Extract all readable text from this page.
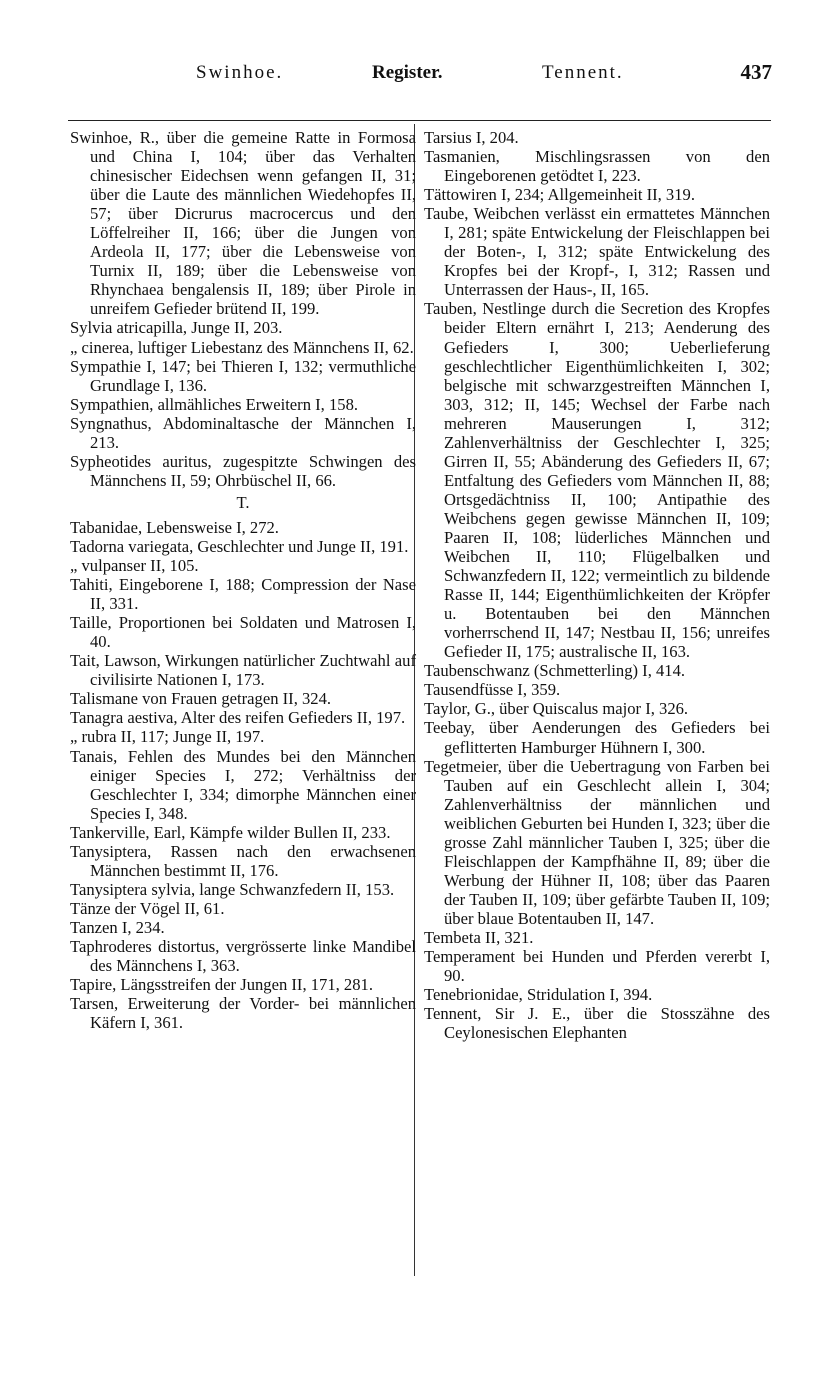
Swinhoe.	Register.	Tennent.	437

Swinhoe, R., über die gemeine Ratte in Formosa und China I, 104; über das Verhalten chinesischer Eidechsen wenn gefangen II, 31; über die Laute des männlichen Wiedehopfes II, 57; über Dicrurus macrocercus und den Löffelreiher II, 166; über die Jungen von Ardeola II, 177; über die Lebensweise von Turnix II, 189; über die Lebensweise von Rhynchaea bengalensis II, 189; über Pirole in unreifem Gefieder brütend II, 199.

Sylvia atricapilla, Junge II, 203.

„ cinerea, luftiger Liebestanz des Männchens II, 62.

Sympathie I, 147; bei Thieren I, 132; vermuthliche Grundlage I, 136.

Sympathien, allmähliches Erweitern I, 158.

Syngnathus, Abdominaltasche der Männchen I, 213.

Sypheotides auritus, zugespitzte Schwingen des Männchens II, 59; Ohrbüschel II, 66.

T.

Tabanidae, Lebensweise I, 272.

Tadorna variegata, Geschlechter und Junge II, 191.

„ vulpanser II, 105.

Tahiti, Eingeborene I, 188; Compression der Nase II, 331.

Taille, Proportionen bei Soldaten und Matrosen I, 40.

Tait, Lawson, Wirkungen natürlicher Zuchtwahl auf civilisirte Nationen I, 173.

Talismane von Frauen getragen II, 324.

Tanagra aestiva, Alter des reifen Gefieders II, 197.

„ rubra II, 117; Junge II, 197.

Tanais, Fehlen des Mundes bei den Männchen einiger Species I, 272; Verhältniss der Geschlechter I, 334; dimorphe Männchen einer Species I, 348.

Tankerville, Earl, Kämpfe wilder Bullen II, 233.

Tanysiptera, Rassen nach den erwachsenen Männchen bestimmt II, 176.

Tanysiptera sylvia, lange Schwanzfedern II, 153.

Tänze der Vögel II, 61.

Tanzen I, 234.

Taphroderes distortus, vergrösserte linke Mandibel des Männchens I, 363.

Tapire, Längsstreifen der Jungen II, 171, 281.

Tarsen, Erweiterung der Vorder- bei männlichen Käfern I, 361.

Tarsius I, 204.

Tasmanien, Mischlingsrassen von den Eingeborenen getödtet I, 223.

Tättowiren I, 234; Allgemeinheit II, 319.

Taube, Weibchen verlässt ein ermattetes Männchen I, 281; späte Entwickelung der Fleischlappen bei der Boten-, I, 312; späte Entwickelung des Kropfes bei der Kropf-, I, 312; Rassen und Unterrassen der Haus-, II, 165.

Tauben, Nestlinge durch die Secretion des Kropfes beider Eltern ernährt I, 213; Aenderung des Gefieders I, 300; Ueberlieferung geschlechtlicher Eigenthümlichkeiten I, 302; belgische mit schwarzgestreiften Männchen I, 303, 312; II, 145; Wechsel der Farbe nach mehreren Mauserungen I, 312; Zahlenverhältniss der Geschlechter I, 325; Girren II, 55; Abänderung des Gefieders II, 67; Entfaltung des Gefieders vom Männchen II, 88; Ortsgedächtniss II, 100; Antipathie des Weibchens gegen gewisse Männchen II, 109; Paaren II, 108; lüderliches Männchen und Weibchen II, 110; Flügelbalken und Schwanzfedern II, 122; vermeintlich zu bildende Rasse II, 144; Eigenthümlichkeiten der Kröpfer u. Botentauben bei den Männchen vorherrschend II, 147; Nestbau II, 156; unreifes Gefieder II, 175; australische II, 163.

Taubenschwanz (Schmetterling) I, 414.

Tausendfüsse I, 359.

Taylor, G., über Quiscalus major I, 326.

Teebay, über Aenderungen des Gefieders bei geflitterten Hamburger Hühnern I, 300.

Tegetmeier, über die Uebertragung von Farben bei Tauben auf ein Geschlecht allein I, 304; Zahlenverhältniss der männlichen und weiblichen Geburten bei Hunden I, 323; über die grosse Zahl männlicher Tauben I, 325; über die Fleischlappen der Kampfhähne II, 89; über die Werbung der Hühner II, 108; über das Paaren der Tauben II, 109; über gefärbte Tauben II, 109; über blaue Botentauben II, 147.

Tembeta II, 321.

Temperament bei Hunden und Pferden vererbt I, 90.

Tenebrionidae, Stridulation I, 394.

Tennent, Sir J. E., über die Stosszähne des Ceylonesischen Elephanten
